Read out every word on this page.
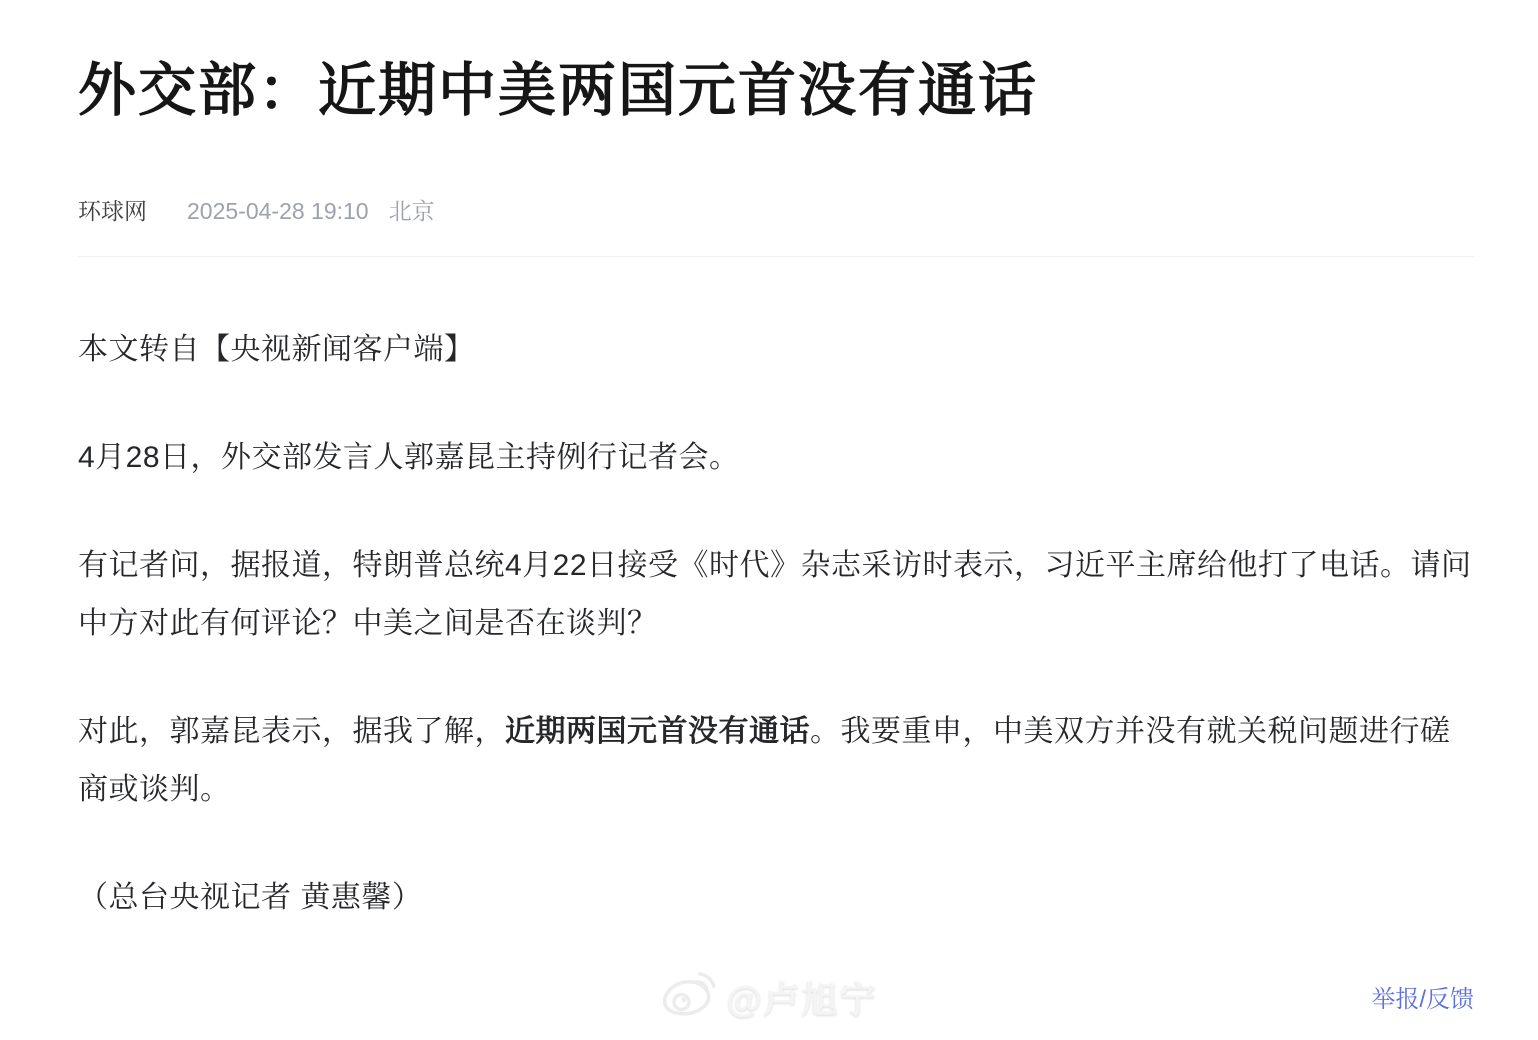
外交部：近期中美两国元首没有通话
环球网 2025-04-28 19:10 北京

本文转自【央视新闻客户端】

4月28日，外交部发言人郭嘉昆主持例行记者会。

有记者问，据报道，特朗普总统4月22日接受《时代》杂志采访时表示，习近平主席给他打了电话。请问中方对此有何评论？中美之间是否在谈判？

对此，郭嘉昆表示，据我了解，近期两国元首没有通话。我要重申，中美双方并没有就关税问题进行磋商或谈判。

（总台央视记者 黄惠馨）

@卢旭宁	举报/反馈
